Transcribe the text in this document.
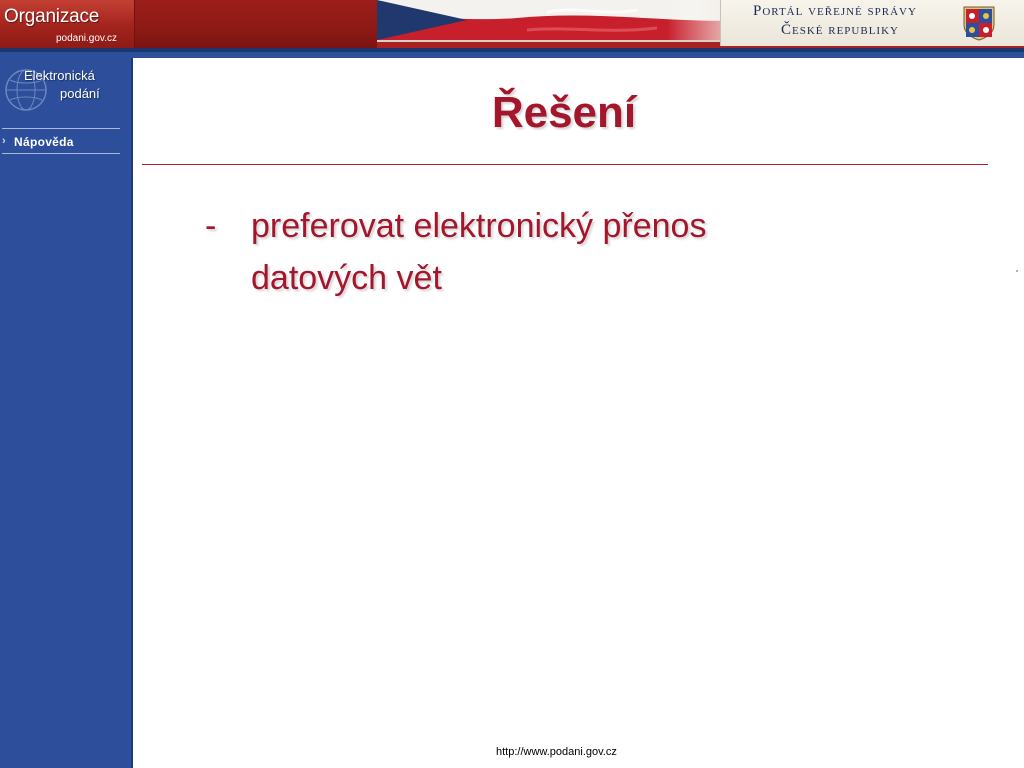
Organizace
podani.gov.cz
Portál veřejné správy
České republiky
Elektronická
podání
› Nápověda
Řešení
- preferovat elektronický přenos datových vět
http://www.podani.gov.cz
